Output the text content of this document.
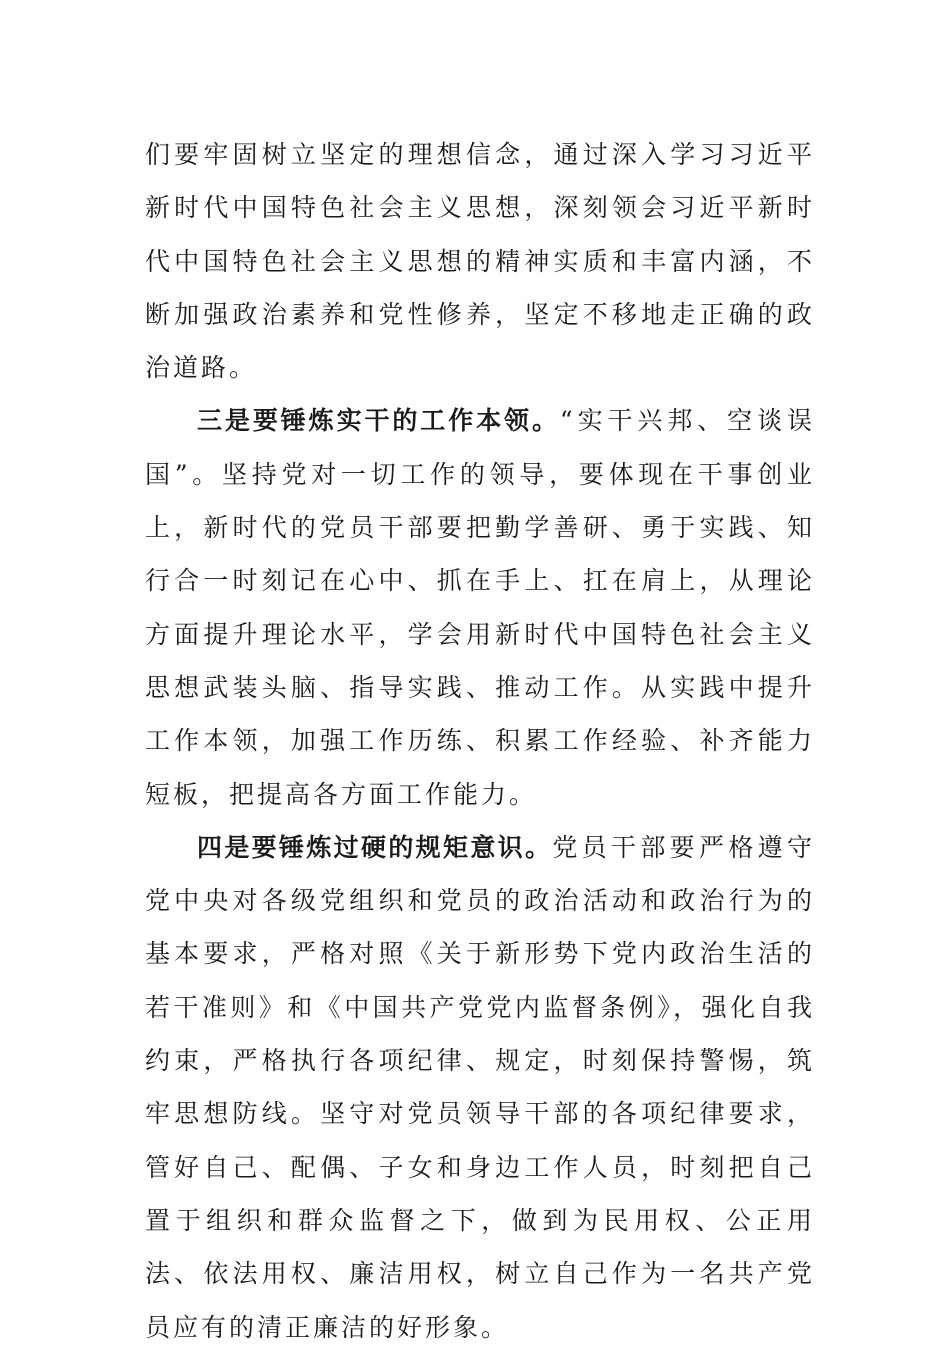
们要牢固树立坚定的理想信念，通过深入学习习近平新时代中国特色社会主义思想，深刻领会习近平新时代中国特色社会主义思想的精神实质和丰富内涵，不断加强政治素养和党性修养，坚定不移地走正确的政治道路。

三是要锤炼实干的工作本领。“实干兴邦、空谈误国”。坚持党对一切工作的领导，要体现在干事创业上，新时代的党员干部要把勤学善研、勇于实践、知行合一时刻记在心中、抓在手上、扛在肩上，从理论方面提升理论水平，学会用新时代中国特色社会主义思想武装头脑、指导实践、推动工作。从实践中提升工作本领，加强工作历练、积累工作经验、补齐能力短板，把提高各方面工作能力。

四是要锤炼过硬的规矩意识。党员干部要严格遵守党中央对各级党组织和党员的政治活动和政治行为的基本要求，严格对照《关于新形势下党内政治生活的若干准则》和《中国共产党党内监督条例》，强化自我约束，严格执行各项纪律、规定，时刻保持警惕，筑牢思想防线。坚守对党员领导干部的各项纪律要求，管好自己、配偶、子女和身边工作人员，时刻把自己置于组织和群众监督之下，做到为民用权、公正用法、依法用权、廉洁用权，树立自己作为一名共产党员应有的清正廉洁的好形象。
